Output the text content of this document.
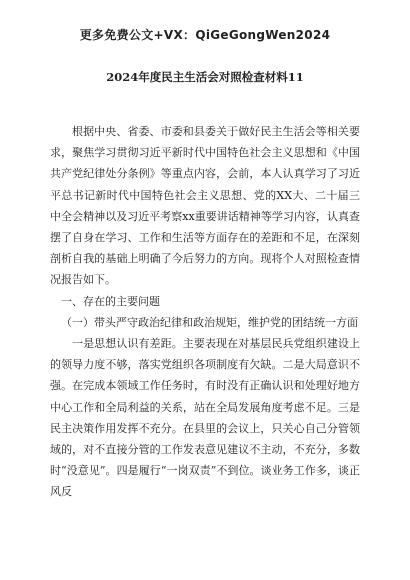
更多免费公文+VX：QiGeGongWen2024
2024年度民主生活会对照检查材料11

根据中央、省委、市委和县委关于做好民主生活会等相关要求，聚焦学习贯彻习近平新时代中国特色社会主义思想和《中国共产党纪律处分条例》等重点内容，会前，本人认真学习了习近平总书记新时代中国特色社会主义思想、党的XX大、二十届三中全会精神以及习近平考察xx重要讲话精神等学习内容，认真查摆了自身在学习、工作和生活等方面存在的差距和不足，在深刻剖析自我的基础上明确了今后努力的方向。现将个人对照检查情况报告如下。

一、存在的主要问题

（一）带头严守政治纪律和政治规矩，维护党的团结统一方面

一是思想认识有差距。主要表现在对基层民兵党组织建设上的领导力度不够，落实党组织各项制度有欠缺。二是大局意识不强。在完成本领域工作任务时，有时没有正确认识和处理好地方中心工作和全局利益的关系，站在全局发展角度考虑不足。三是民主决策作用发挥不充分。在县里的会议上，只关心自己分管领域的，对不直接分管的工作发表意见建议不主动，不充分，多数时“没意见”。四是履行“一岗双责”不到位。谈业务工作多，谈正风反
